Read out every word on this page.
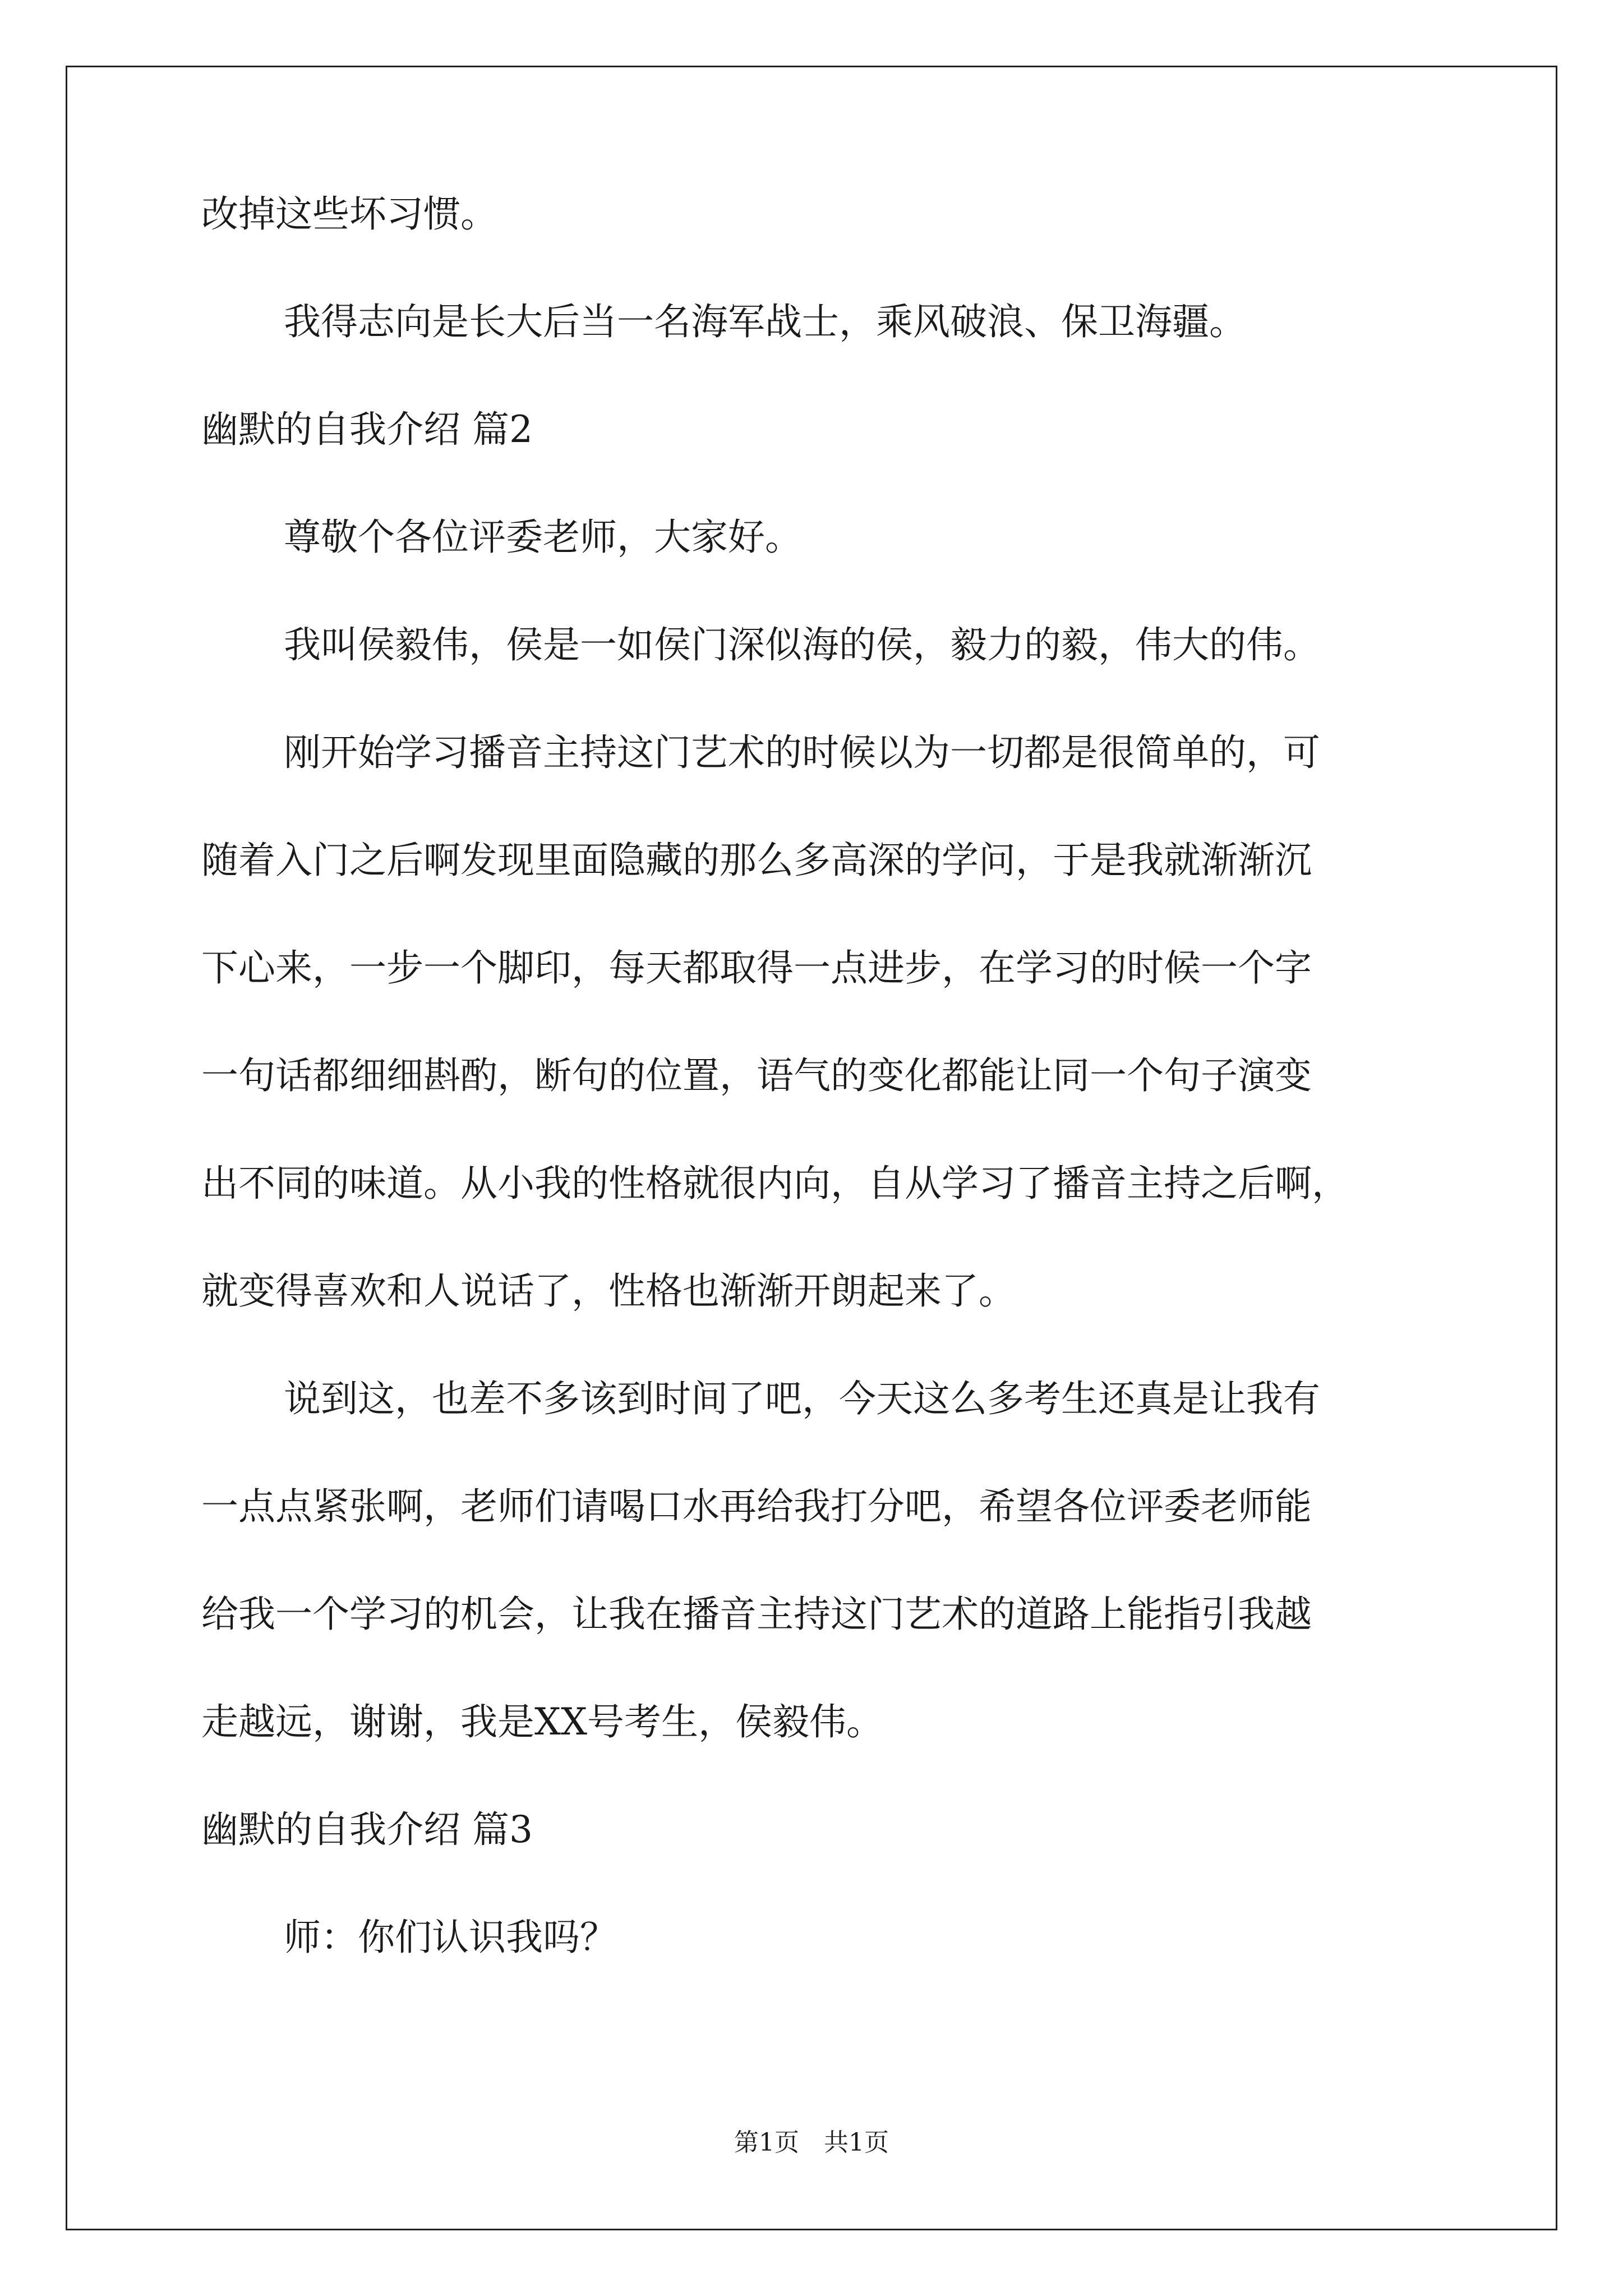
改掉这些坏习惯。

我得志向是长大后当一名海军战士，乘风破浪、保卫海疆。

幽默的自我介绍 篇2

尊敬个各位评委老师，大家好。

我叫侯毅伟，侯是一如侯门深似海的侯，毅力的毅，伟大的伟。

刚开始学习播音主持这门艺术的时候以为一切都是很简单的，可

随着入门之后啊发现里面隐藏的那么多高深的学问，于是我就渐渐沉

下心来，一步一个脚印，每天都取得一点进步，在学习的时候一个字

一句话都细细斟酌，断句的位置，语气的变化都能让同一个句子演变

出不同的味道。从小我的性格就很内向，自从学习了播音主持之后啊，

就变得喜欢和人说话了，性格也渐渐开朗起来了。

说到这，也差不多该到时间了吧，今天这么多考生还真是让我有

一点点紧张啊，老师们请喝口水再给我打分吧，希望各位评委老师能

给我一个学习的机会，让我在播音主持这门艺术的道路上能指引我越

走越远，谢谢，我是XX号考生，侯毅伟。

幽默的自我介绍 篇3

师：你们认识我吗？

第1页　共1页
